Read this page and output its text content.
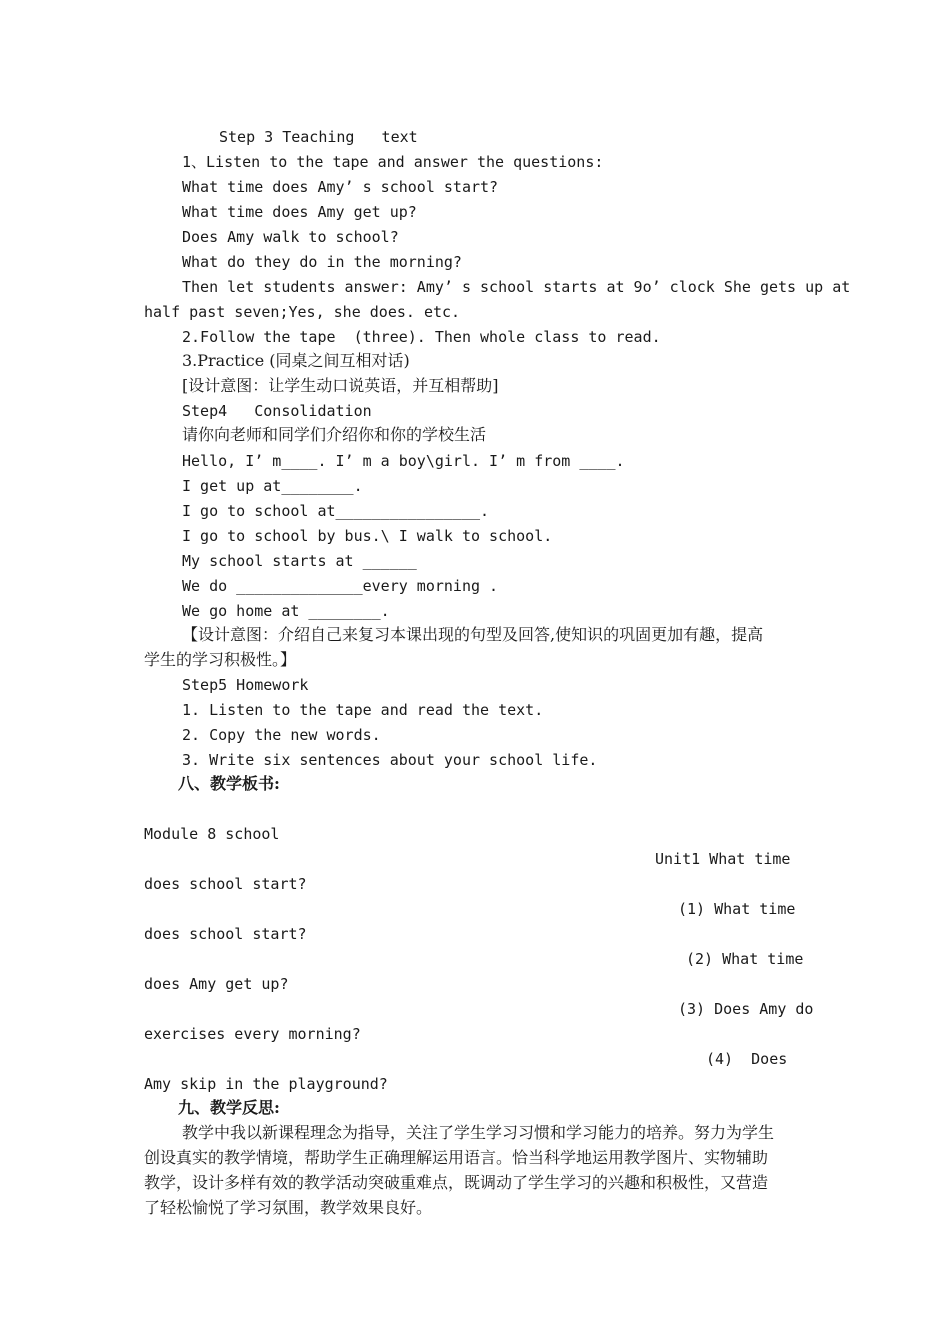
Step 3 Teaching   text
1、Listen to the tape and answer the questions:
What time does Amy’ s school start?
What time does Amy get up?
Does Amy walk to school?
What do they do in the morning?
Then let students answer: Amy’ s school starts at 9o’ clock She gets up at
half past seven;Yes, she does. etc.
2.Follow the tape  (three). Then whole class to read.
3.Practice (同桌之间互相对话)
[设计意图：让学生动口说英语，并互相帮助]
Step4   Consolidation
请你向老师和同学们介绍你和你的学校生活
Hello, I’ m____. I’ m a boy\girl. I’ m from ____.
I get up at________.
I go to school at________________.
I go to school by bus.\ I walk to school.
My school starts at ______
We do ______________every morning .
We go home at ________.
【设计意图：介绍自己来复习本课出现的句型及回答,使知识的巩固更加有趣，提高
学生的学习积极性。】
Step5 Homework
1. Listen to the tape and read the text.
2. Copy the new words.
3. Write six sentences about your school life.
八、教学板书:
Module 8 school
Unit1 What time
does school start?
(1) What time
does school start?
(2) What time
does Amy get up?
(3) Does Amy do
exercises every morning?
(4)  Does
Amy skip in the playground?
九、教学反思:
教学中我以新课程理念为指导，关注了学生学习习惯和学习能力的培养。努力为学生
创设真实的教学情境，帮助学生正确理解运用语言。恰当科学地运用教学图片、实物辅助
教学，设计多样有效的教学活动突破重难点，既调动了学生学习的兴趣和积极性，又营造
了轻松愉悦了学习氛围，教学效果良好。
